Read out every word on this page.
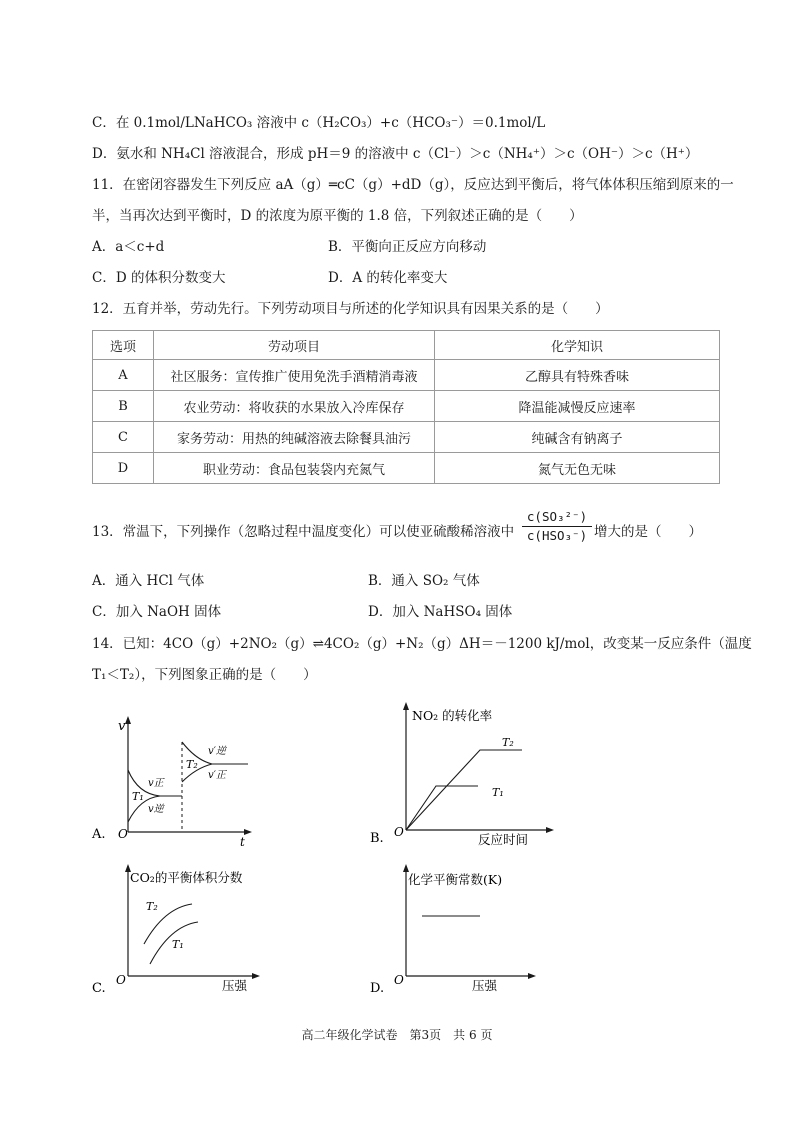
C．在 0.1mol/LNaHCO₃ 溶液中 c（H₂CO₃）+c（HCO₃⁻）＝0.1mol/L
D．氨水和 NH₄Cl 溶液混合，形成 pH＝9 的溶液中 c（Cl⁻）＞c（NH₄⁺）＞c（OH⁻）＞c（H⁺）
11．在密闭容器发生下列反应 aA（g）═cC（g）+dD（g），反应达到平衡后，将气体体积压缩到原来的一
半，当再次达到平衡时，D 的浓度为原平衡的 1.8 倍，下列叙述正确的是（　　）
A．a＜c+d	B．平衡向正反应方向移动
C．D 的体积分数变大	D．A 的转化率变大
12．五育并举，劳动先行。下列劳动项目与所述的化学知识具有因果关系的是（　　）
选项	劳动项目	化学知识
A	社区服务：宣传推广使用免洗手酒精消毒液	乙醇具有特殊香味
B	农业劳动：将收获的水果放入冷库保存	降温能减慢反应速率
C	家务劳动：用热的纯碱溶液去除餐具油污	纯碱含有钠离子
D	职业劳动：食品包装袋内充氮气	氮气无色无味
13．常温下，下列操作（忽略过程中温度变化）可以使亚硫酸稀溶液中
c(SO₃²⁻)
c(HSO₃⁻) 增大的是（　　）
A．通入 HCl 气体	B．通入 SO₂ 气体
C．加入 NaOH 固体	D．加入 NaHSO₄ 固体
14．已知：4CO（g）+2NO₂（g）⇌4CO₂（g）+N₂（g）ΔH＝－1200 kJ/mol，改变某一反应条件（温度
T₁＜T₂），下列图象正确的是（　　）
A.
v
O
t
T₁
T₂
v正
v逆
v′逆
v′正
B.
NO₂ 的转化率
O	反应时间
T₂
T₁
C.
CO₂的平衡体积分数
O	压强
T₂
T₁
D.
化学平衡常数(K)
O	压强
高二年级化学试卷　第3页　共 6 页
